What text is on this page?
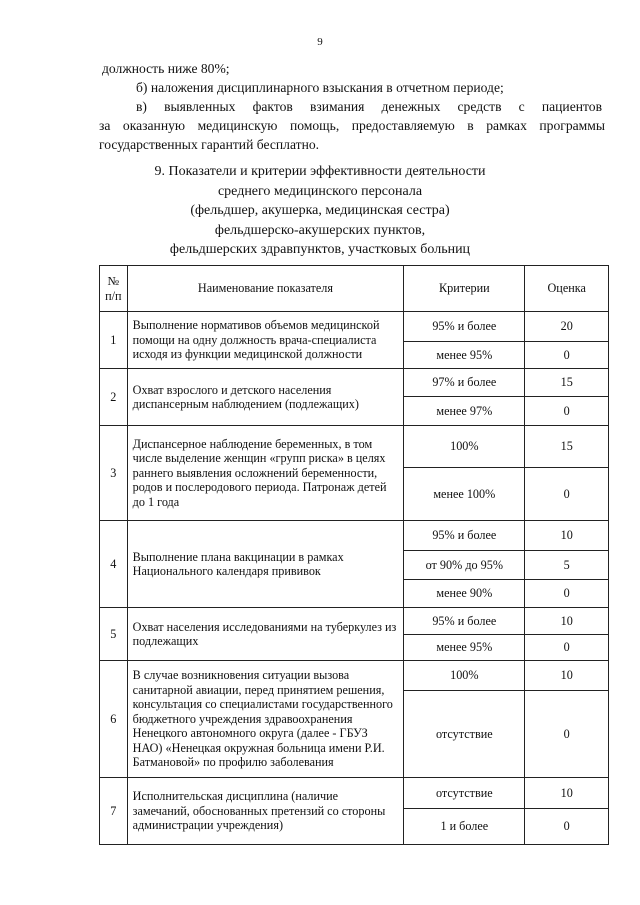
9
должность ниже 80%;
б) наложения дисциплинарного взыскания в отчетном периоде;
в) выявленных фактов взимания денежных средств с пациентов
за оказанную медицинскую помощь, предоставляемую в рамках программы
государственных гарантий бесплатно.
9. Показатели и критерии эффективности деятельности
среднего медицинского персонала
(фельдшер, акушерка, медицинская сестра)
фельдшерско-акушерских пунктов,
фельдшерских здравпунктов, участковых больниц
№
п/п	Наименование показателя	Критерии	Оценка
1	Выполнение нормативов объемов медицинской помощи на одну должность врача-специалиста исходя из функции медицинской должности	95% и более	20
		менее 95%	0
2	Охват взрослого и детского населения диспансерным наблюдением (подлежащих)	97% и более	15
		менее 97%	0
3	Диспансерное наблюдение беременных, в том числе выделение женщин «групп риска» в целях раннего выявления осложнений беременности, родов и послеродового периода. Патронаж детей до 1 года	100%	15
		менее 100%	0
4	Выполнение плана вакцинации в рамках Национального календаря прививок	95% и более	10
		от 90% до 95%	5
		менее 90%	0
5	Охват населения исследованиями на туберкулез из подлежащих	95% и более	10
		менее 95%	0
6	В случае возникновения ситуации вызова санитарной авиации, перед принятием решения, консультация со специалистами государственного бюджетного учреждения здравоохранения Ненецкого автономного округа (далее - ГБУЗ НАО) «Ненецкая окружная больница имени Р.И. Батмановой» по профилю заболевания	100%	10
		отсутствие	0
7	Исполнительская дисциплина (наличие замечаний, обоснованных претензий со стороны администрации учреждения)	отсутствие	10
		1 и более	0
